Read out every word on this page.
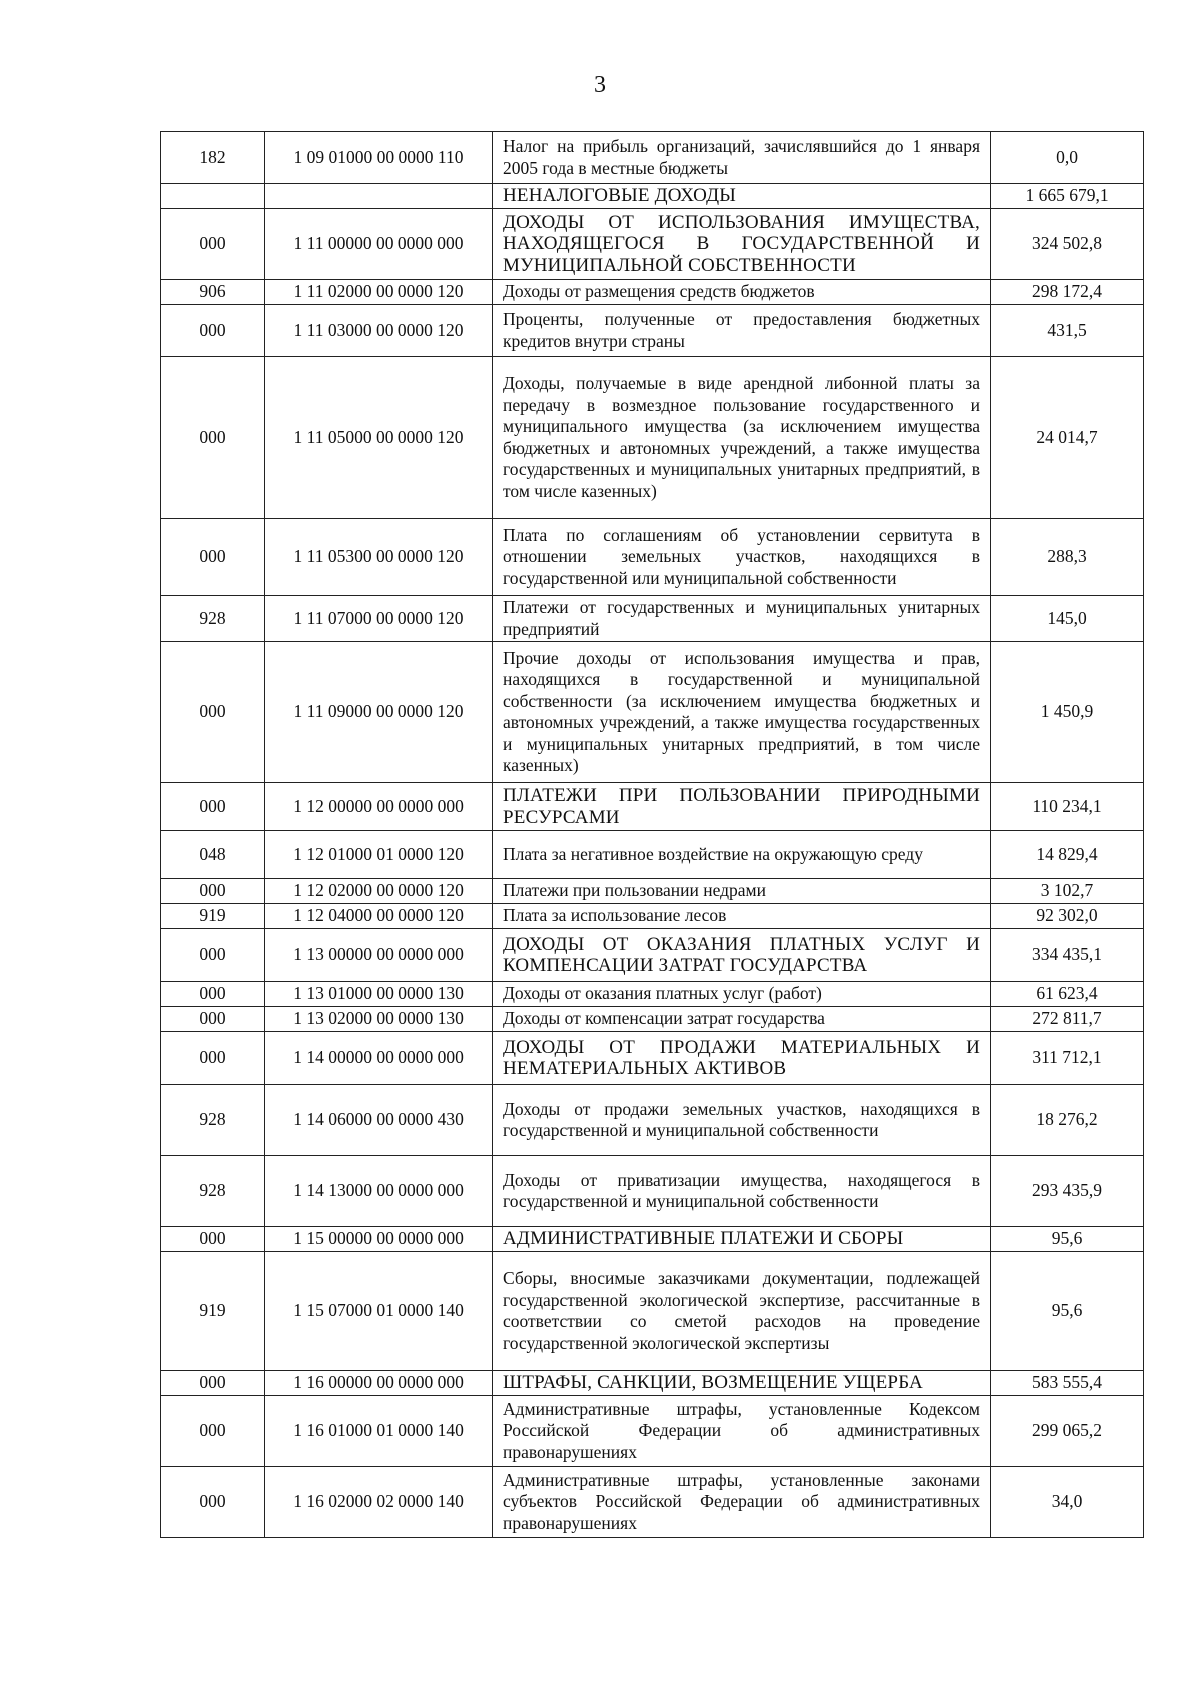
3
182	1 09 01000 00 0000 110	Налог на прибыль организаций, зачислявшийся до 1 января 2005 года в местные бюджеты	0,0
		НЕНАЛОГОВЫЕ ДОХОДЫ	1 665 679,1
000	1 11 00000 00 0000 000	ДОХОДЫ ОТ ИСПОЛЬЗОВАНИЯ ИМУЩЕСТВА, НАХОДЯЩЕГОСЯ В ГОСУДАРСТВЕННОЙ И МУНИЦИПАЛЬНОЙ СОБСТВЕННОСТИ	324 502,8
906	1 11 02000 00 0000 120	Доходы от размещения средств бюджетов	298 172,4
000	1 11 03000 00 0000 120	Проценты, полученные от предоставления бюджетных кредитов внутри страны	431,5
000	1 11 05000 00 0000 120	Доходы, получаемые в виде арендной либонной платы за передачу в возмездное пользование государственного и муниципального имущества (за исключением имущества бюджетных и автономных учреждений, а также имущества государственных и муниципальных унитарных предприятий, в том числе казенных)	24 014,7
000	1 11 05300 00 0000 120	Плата по соглашениям об установлении сервитута в отношении земельных участков, находящихся в государственной или муниципальной собственности	288,3
928	1 11 07000 00 0000 120	Платежи от государственных и муниципальных унитарных предприятий	145,0
000	1 11 09000 00 0000 120	Прочие доходы от использования имущества и прав, находящихся в государственной и муниципальной собственности (за исключением имущества бюджетных и автономных учреждений, а также имущества государственных и муниципальных унитарных предприятий, в том числе казенных)	1 450,9
000	1 12 00000 00 0000 000	ПЛАТЕЖИ ПРИ ПОЛЬЗОВАНИИ ПРИРОДНЫМИ РЕСУРСАМИ	110 234,1
048	1 12 01000 01 0000 120	Плата за негативное воздействие на окружающую среду	14 829,4
000	1 12 02000 00 0000 120	Платежи при пользовании недрами	3 102,7
919	1 12 04000 00 0000 120	Плата за использование лесов	92 302,0
000	1 13 00000 00 0000 000	ДОХОДЫ ОТ ОКАЗАНИЯ ПЛАТНЫХ УСЛУГ И КОМПЕНСАЦИИ ЗАТРАТ ГОСУДАРСТВА	334 435,1
000	1 13 01000 00 0000 130	Доходы от оказания платных услуг (работ)	61 623,4
000	1 13 02000 00 0000 130	Доходы от компенсации затрат государства	272 811,7
000	1 14 00000 00 0000 000	ДОХОДЫ ОТ ПРОДАЖИ МАТЕРИАЛЬНЫХ И НЕМАТЕРИАЛЬНЫХ АКТИВОВ	311 712,1
928	1 14 06000 00 0000 430	Доходы от продажи земельных участков, находящихся в государственной и муниципальной собственности	18 276,2
928	1 14 13000 00 0000 000	Доходы от приватизации имущества, находящегося в государственной и муниципальной собственности	293 435,9
000	1 15 00000 00 0000 000	АДМИНИСТРАТИВНЫЕ ПЛАТЕЖИ И СБОРЫ	95,6
919	1 15 07000 01 0000 140	Сборы, вносимые заказчиками документации, подлежащей государственной экологической экспертизе, рассчитанные в соответствии со сметой расходов на проведение государственной экологической экспертизы	95,6
000	1 16 00000 00 0000 000	ШТРАФЫ, САНКЦИИ, ВОЗМЕЩЕНИЕ УЩЕРБА	583 555,4
000	1 16 01000 01 0000 140	Административные штрафы, установленные Кодексом Российской Федерации об административных правонарушениях	299 065,2
000	1 16 02000 02 0000 140	Административные штрафы, установленные законами субъектов Российской Федерации об административных правонарушениях	34,0
